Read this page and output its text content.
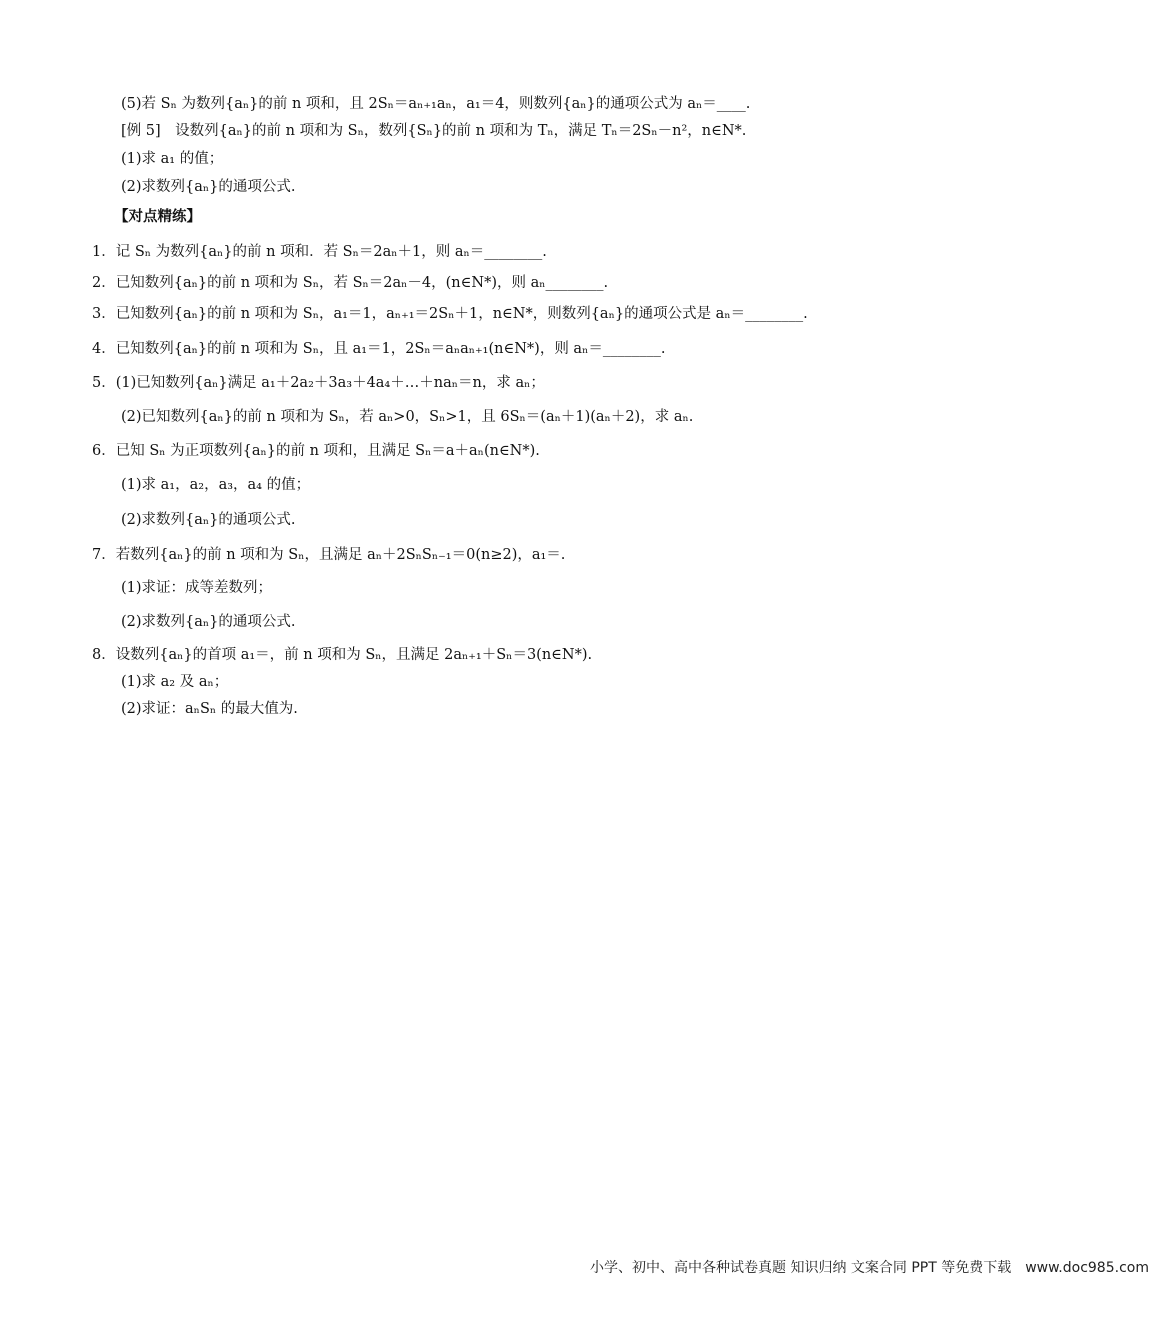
(5)若 Sₙ 为数列{aₙ}的前 n 项和，且 2Sₙ＝aₙ₊₁aₙ，a₁＝4，则数列{aₙ}的通项公式为 aₙ＝____.
[例 5]　设数列{aₙ}的前 n 项和为 Sₙ，数列{Sₙ}的前 n 项和为 Tₙ，满足 Tₙ＝2Sₙ－n²，n∈N*.
(1)求 a₁ 的值；
(2)求数列{aₙ}的通项公式.
【对点精练】
1．记 Sₙ 为数列{aₙ}的前 n 项和．若 Sₙ＝2aₙ＋1，则 aₙ＝________.
2．已知数列{aₙ}的前 n 项和为 Sₙ，若 Sₙ＝2aₙ－4，(n∈N*)，则 aₙ________.
3．已知数列{aₙ}的前 n 项和为 Sₙ，a₁＝1，aₙ₊₁＝2Sₙ＋1，n∈N*，则数列{aₙ}的通项公式是 aₙ＝________.
4．已知数列{aₙ}的前 n 项和为 Sₙ，且 a₁＝1，2Sₙ＝aₙaₙ₊₁(n∈N*)，则 aₙ＝________.
5．(1)已知数列{aₙ}满足 a₁＋2a₂＋3a₃＋4a₄＋…＋naₙ＝n，求 aₙ；
(2)已知数列{aₙ}的前 n 项和为 Sₙ，若 aₙ>0，Sₙ>1，且 6Sₙ＝(aₙ＋1)(aₙ＋2)，求 aₙ.
6．已知 Sₙ 为正项数列{aₙ}的前 n 项和，且满足 Sₙ＝a＋aₙ(n∈N*).
(1)求 a₁，a₂，a₃，a₄ 的值；
(2)求数列{aₙ}的通项公式.
7．若数列{aₙ}的前 n 项和为 Sₙ，且满足 aₙ＋2SₙSₙ₋₁＝0(n≥2)，a₁＝.
(1)求证：成等差数列；
(2)求数列{aₙ}的通项公式.
8．设数列{aₙ}的首项 a₁＝，前 n 项和为 Sₙ，且满足 2aₙ₊₁＋Sₙ＝3(n∈N*).
(1)求 a₂ 及 aₙ；
(2)求证：aₙSₙ 的最大值为.
小学、初中、高中各种试卷真题 知识归纳 文案合同 PPT 等免费下载　www.doc985.com
